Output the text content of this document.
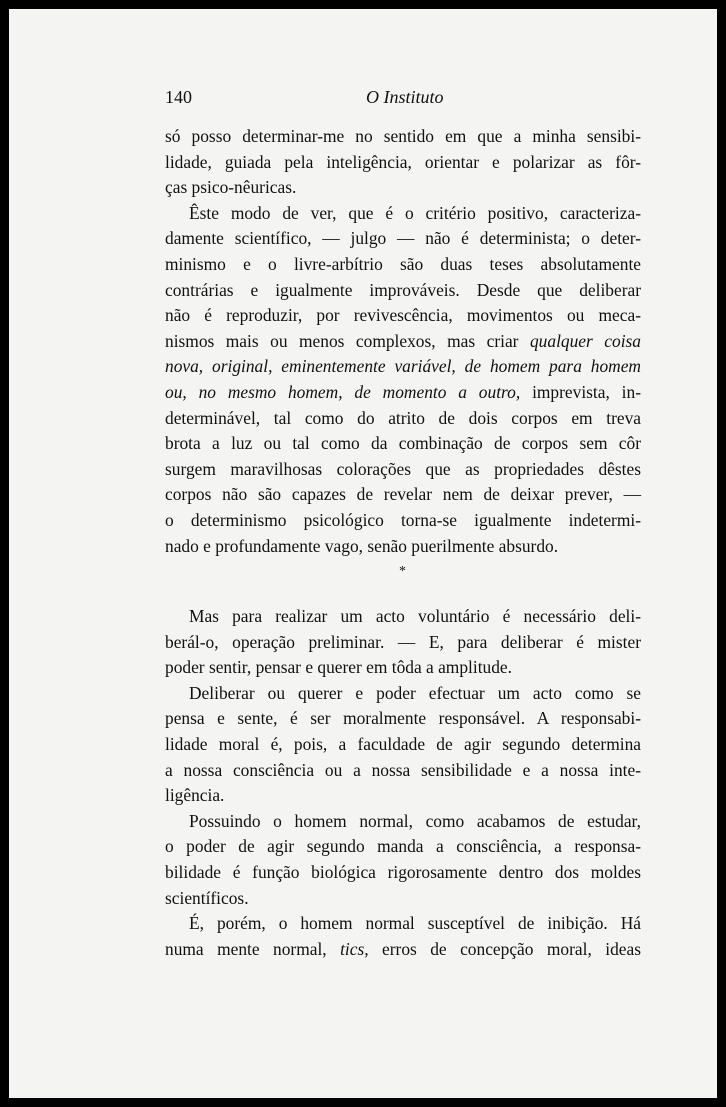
140	O Instituto
só posso determinar-me no sentido em que a minha sensibi-
lidade, guiada pela inteligência, orientar e polarizar as fôr-
ças psico-nêuricas.
Êste modo de ver, que é o critério positivo, caracteriza-
damente scientífico, — julgo — não é determinista; o deter-
minismo e o livre-arbítrio são duas teses absolutamente
contrárias e igualmente improváveis. Desde que deliberar
não é reproduzir, por revivescência, movimentos ou meca-
nismos mais ou menos complexos, mas criar qualquer coisa
nova, original, eminentemente variável, de homem para homem
ou, no mesmo homem, de momento a outro, imprevista, in-
determinável, tal como do atrito de dois corpos em treva
brota a luz ou tal como da combinação de corpos sem côr
surgem maravilhosas colorações que as propriedades dêstes
corpos não são capazes de revelar nem de deixar prever, —
o determinismo psicológico torna-se igualmente indetermi-
nado e profundamente vago, senão puerilmente absurdo.
*
Mas para realizar um acto voluntário é necessário deli-
berál-o, operação preliminar. — E, para deliberar é mister
poder sentir, pensar e querer em tôda a amplitude.
Deliberar ou querer e poder efectuar um acto como se
pensa e sente, é ser moralmente responsável. A responsabi-
lidade moral é, pois, a faculdade de agir segundo determina
a nossa consciência ou a nossa sensibilidade e a nossa inte-
ligência.
Possuindo o homem normal, como acabamos de estudar,
o poder de agir segundo manda a consciência, a responsa-
bilidade é função biológica rigorosamente dentro dos moldes
scientíficos.
É, porém, o homem normal susceptível de inibição. Há
numa mente normal, tics, erros de concepção moral, ideas
